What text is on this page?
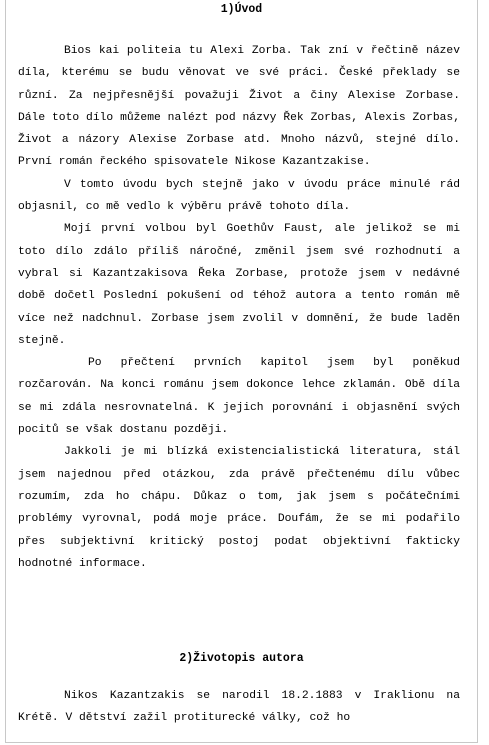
1)Úvod

Bios kai politeia tu Alexi Zorba. Tak zní v řečtině název díla, kterému se budu věnovat ve své práci. České překlady se různí. Za nejpřesnější považuji Život a činy Alexise Zorbase. Dále toto dílo můžeme nalézt pod názvy Řek Zorbas, Alexis Zorbas, Život a názory Alexise Zorbase atd. Mnoho názvů, stejné dílo. První román řeckého spisovatele Nikose Kazantzakise.

V tomto úvodu bych stejně jako v úvodu práce minulé rád objasnil, co mě vedlo k výběru právě tohoto díla.

Mojí první volbou byl Goethův Faust, ale jelikož se mi toto dílo zdálo příliš náročné, změnil jsem své rozhodnutí a vybral si Kazantzakisova Řeka Zorbase, protože jsem v nedávné době dočetl Poslední pokušení od téhož autora a tento román mě více než nadchnul. Zorbase jsem zvolil v domnění, že bude laděn stejně.

Po přečtení prvních kapitol jsem byl poněkud rozčarován. Na konci románu jsem dokonce lehce zklamán. Obě díla se mi zdála nesrovnatelná. K jejich porovnání i objasnění svých pocitů se však dostanu později.

Jakkoli je mi blízká existencialistická literatura, stál jsem najednou před otázkou, zda právě přečtenému dílu vůbec rozumím, zda ho chápu. Důkaz o tom, jak jsem s počátečními problémy vyrovnal, podá moje práce. Doufám, že se mi podařilo přes subjektivní kritický postoj podat objektivní fakticky hodnotné informace.

2)Životopis autora

Nikos Kazantzakis se narodil 18.2.1883 v Iraklionu na Krétě. V dětství zažil protiturecké války, což ho
